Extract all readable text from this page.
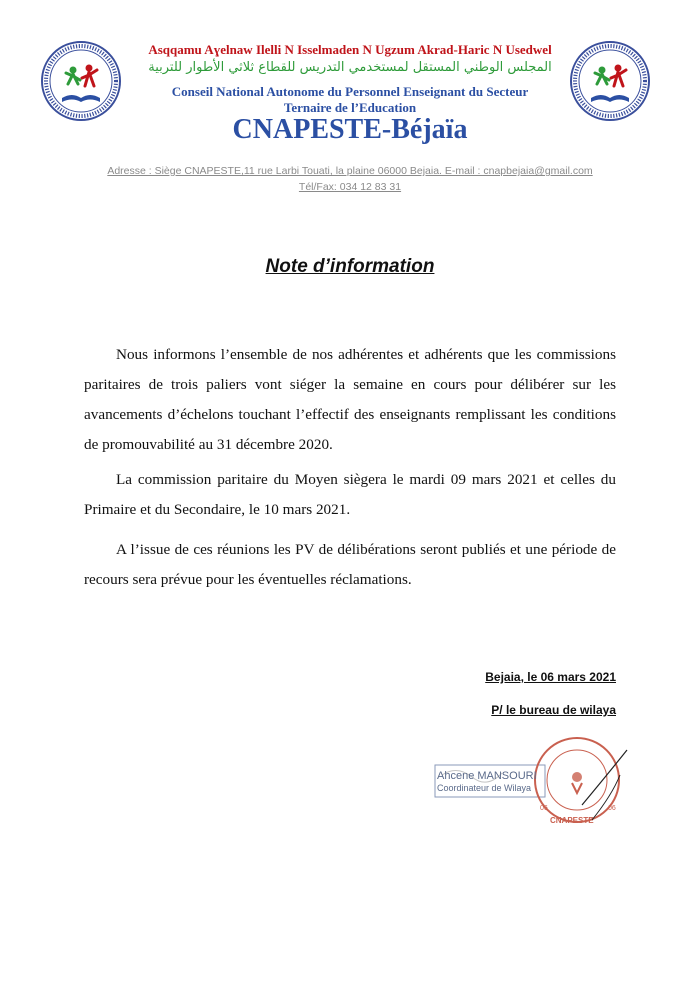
Asqqamu Aɣelnaw Ilelli N Isselmaden N Ugzum Akrad-Haric N Usedwel
المجلس الوطني المستقل لمستخدمي التدريس للقطاع ثلاثي الأطوار للتربية
Conseil National Autonome du Personnel Enseignant du Secteur
Ternaire de l’Education
CNAPESTE-Béjaïa
Adresse : Siège CNAPESTE,11 rue Larbi Touati, la plaine 06000 Bejaia. E-mail : cnapbejaia@gmail.com
Tél/Fax: 034 12 83 31
Note d’information

Nous informons l’ensemble de nos adhérentes et adhérents que les commissions paritaires de trois paliers vont siéger la semaine en cours pour délibérer sur les avancements d’échelons touchant l’effectif des enseignants remplissant les conditions de promouvabilité au 31 décembre 2020.

La commission paritaire du Moyen siègera le mardi 09 mars 2021 et celles du Primaire et du Secondaire, le 10 mars 2021.

A l’issue de ces réunions les PV de délibérations seront publiés et une période de recours sera prévue pour les éventuelles réclamations.

Bejaia, le 06 mars 2021
P/ le bureau de wilaya
06	06
CNAPESTE
Ahcene MANSOURI
Coordinateur de Wilaya
